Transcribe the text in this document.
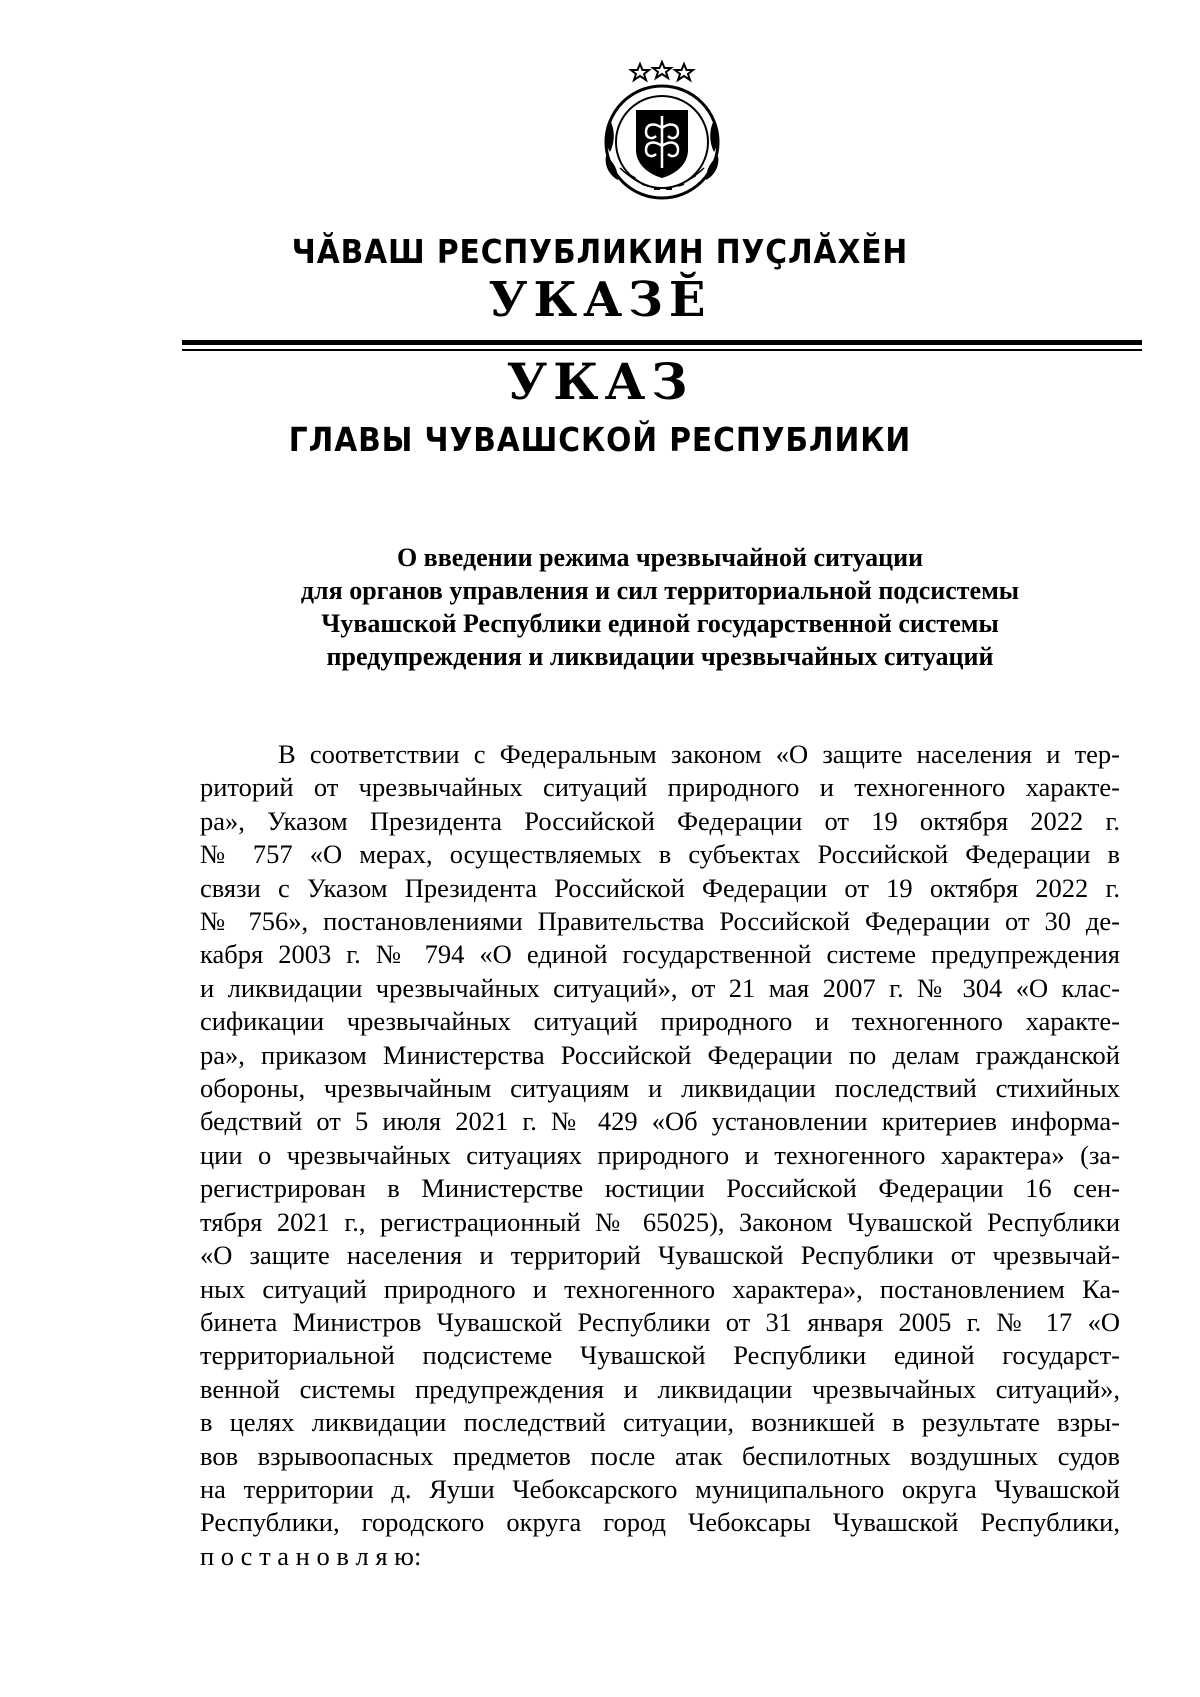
ЧĂВАШ РЕСПУБЛИКИН ПУÇЛĂХĔН
УКАЗĔ
УКАЗ
ГЛАВЫ ЧУВАШСКОЙ РЕСПУБЛИКИ
О введении режима чрезвычайной ситуации
для органов управления и сил территориальной подсистемы
Чувашской Республики единой государственной системы
предупреждения и ликвидации чрезвычайных ситуаций
В соответствии с Федеральным законом «О защите населения и тер-
риторий от чрезвычайных ситуаций природного и техногенного характе-
ра», Указом Президента Российской Федерации от 19 октября 2022 г.
№ 757 «О мерах, осуществляемых в субъектах Российской Федерации в
связи с Указом Президента Российской Федерации от 19 октября 2022 г.
№ 756», постановлениями Правительства Российской Федерации от 30 де-
кабря 2003 г. № 794 «О единой государственной системе предупреждения
и ликвидации чрезвычайных ситуаций», от 21 мая 2007 г. № 304 «О клас-
сификации чрезвычайных ситуаций природного и техногенного характе-
ра», приказом Министерства Российской Федерации по делам гражданской
обороны, чрезвычайным ситуациям и ликвидации последствий стихийных
бедствий от 5 июля 2021 г. № 429 «Об установлении критериев информа-
ции о чрезвычайных ситуациях природного и техногенного характера» (за-
регистрирован в Министерстве юстиции Российской Федерации 16 сен-
тября 2021 г., регистрационный № 65025), Законом Чувашской Республики
«О защите населения и территорий Чувашской Республики от чрезвычай-
ных ситуаций природного и техногенного характера», постановлением Ка-
бинета Министров Чувашской Республики от 31 января 2005 г. № 17 «О
территориальной подсистеме Чувашской Республики единой государст-
венной системы предупреждения и ликвидации чрезвычайных ситуаций»,
в целях ликвидации последствий ситуации, возникшей в результате взры-
вов взрывоопасных предметов после атак беспилотных воздушных судов
на территории д. Яуши Чебоксарского муниципального округа Чувашской
Республики, городского округа город Чебоксары Чувашской Республики,
п о с т а н о в л я ю:
